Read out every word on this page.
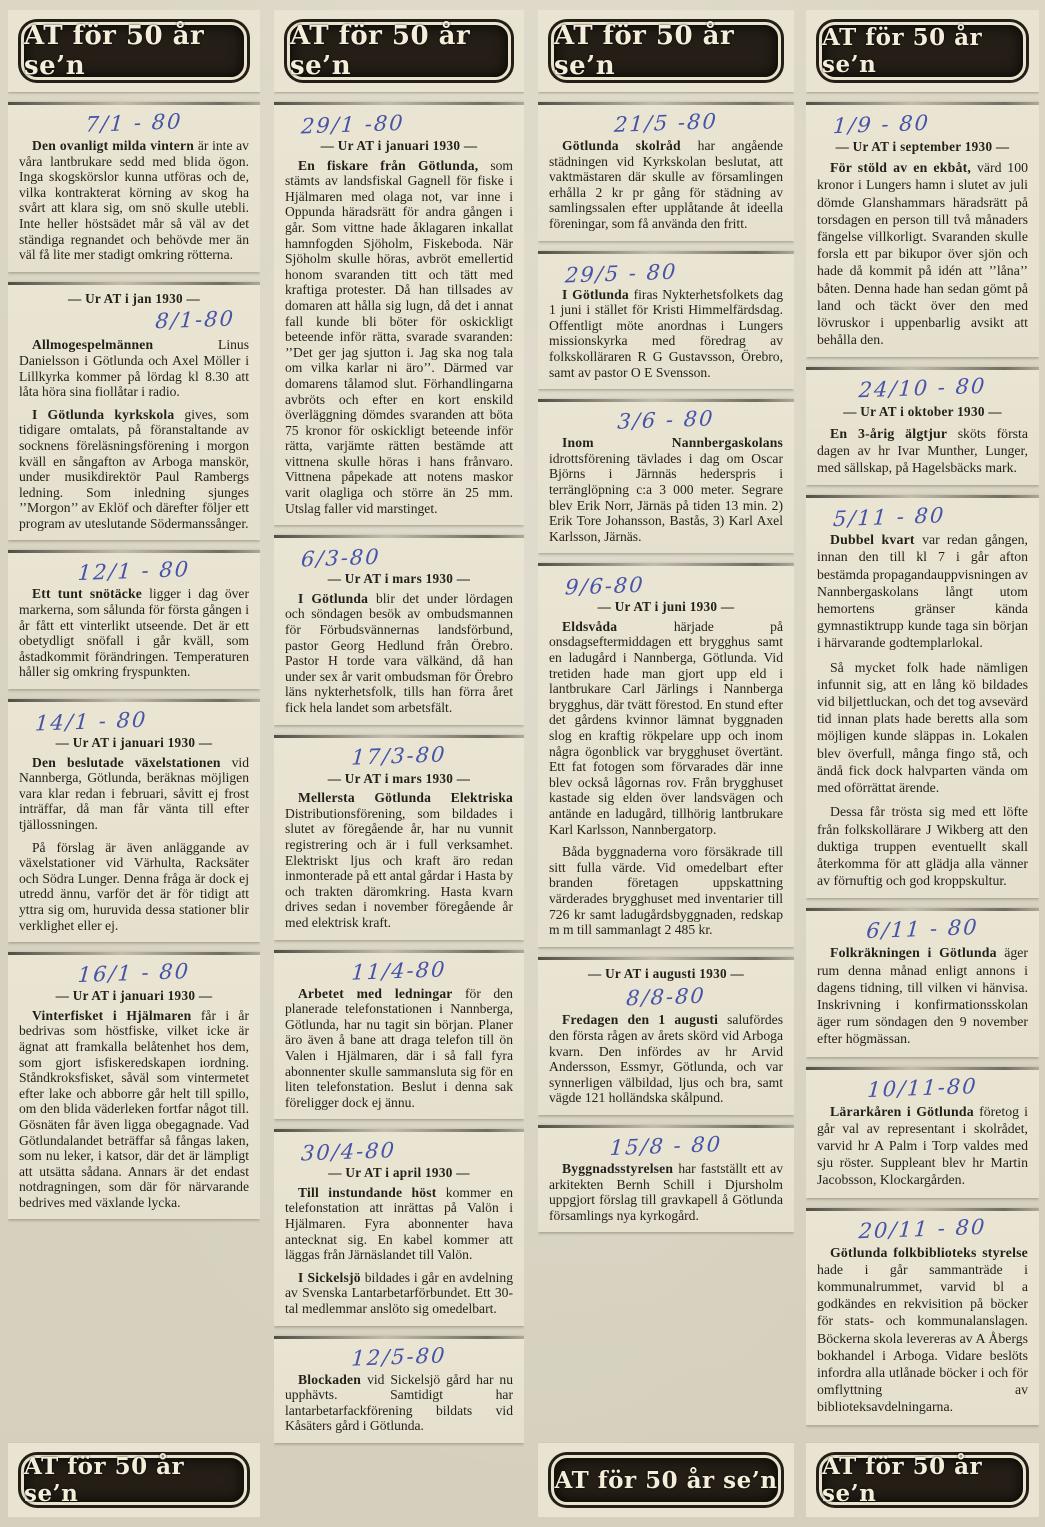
AT för 50 år se’n
7/1 - 80

Den ovanligt milda vintern är inte av våra lantbrukare sedd med blida ögon. Inga skogskörslor kunna utföras och de, vilka kontrakterat körning av skog ha svårt att klara sig, om snö skulle utebli. Inte heller höstsädet mår så väl av det ständiga regnandet och behövde mer än väl få lite mer stadigt omkring rötterna.

— Ur AT i jan 1930 —
8/1-80

Allmogespelmännen Linus Danielsson i Götlunda och Axel Möller i Lillkyrka kommer på lördag kl 8.30 att låta höra sina fiollåtar i radio.

I Götlunda kyrkskola gives, som tidigare omtalats, på föranstaltande av socknens föreläsningsförening i morgon kväll en sångafton av Arboga manskör, under musikdirektör Paul Rambergs ledning. Som inledning sjunges ’’Morgon’’ av Eklöf och därefter följer ett program av uteslutande Södermanssånger.

12/1 - 80

Ett tunt snötäcke ligger i dag över markerna, som sålunda för första gången i år fått ett vinterlikt utseende. Det är ett obetydligt snöfall i går kväll, som åstadkommit förändringen. Temperaturen håller sig omkring fryspunkten.

14/1 - 80
— Ur AT i januari 1930 —

Den beslutade växelstationen vid Nannberga, Götlunda, beräknas möjligen vara klar redan i februari, såvitt ej frost inträffar, då man får vänta till efter tjällossningen.

På förslag är även anläggande av växelstationer vid Värhulta, Racksäter och Södra Lunger. Denna fråga är dock ej utredd ännu, varför det är för tidigt att yttra sig om, huruvida dessa stationer blir verklighet eller ej.

16/1 - 80
— Ur AT i januari 1930 —

Vinterfisket i Hjälmaren får i år bedrivas som höstfiske, vilket icke är ägnat att framkalla belåtenhet hos dem, som gjort isfiskeredskapen iordning. Ståndkroksfisket, såväl som vintermetet efter lake och abborre går helt till spillo, om den blida väderleken fortfar något till. Gösnäten får även ligga obegagnade. Vad Götlundalandet beträffar så fångas laken, som nu leker, i katsor, där det är lämpligt att utsätta sådana. Annars är det endast notdragningen, som där för närvarande bedrives med växlande lycka.

AT för 50 år se’n
AT för 50 år se’n
29/1 -80
— Ur AT i januari 1930 —

En fiskare från Götlunda, som stämts av landsfiskal Gagnell för fiske i Hjälmaren med olaga not, var inne i Oppunda häradsrätt för andra gången i går. Som vittne hade åklagaren inkallat hamnfogden Sjöholm, Fiskeboda. När Sjöholm skulle höras, avbröt emellertid honom svaranden titt och tätt med kraftiga protester. Då han tillsades av domaren att hålla sig lugn, då det i annat fall kunde bli böter för oskickligt beteende inför rätta, svarade svaranden: ’’Det ger jag sjutton i. Jag ska nog tala om vilka karlar ni äro’’. Därmed var domarens tålamod slut. Förhandlingarna avbröts och efter en kort enskild överläggning dömdes svaranden att böta 75 kronor för oskickligt beteende inför rätta, varjämte rätten bestämde att vittnena skulle höras i hans frånvaro. Vittnena påpekade att notens maskor varit olagliga och större än 25 mm. Utslag faller vid marstinget.

6/3-80
— Ur AT i mars 1930 —

I Götlunda blir det under lördagen och söndagen besök av ombudsmannen för Förbudsvännernas landsförbund, pastor Georg Hedlund från Örebro. Pastor H torde vara välkänd, då han under sex år varit ombudsman för Örebro läns nykterhetsfolk, tills han förra året fick hela landet som arbetsfält.

17/3-80
— Ur AT i mars 1930 —

Mellersta Götlunda Elektriska Distributionsförening, som bildades i slutet av föregående år, har nu vunnit registrering och är i full verksamhet. Elektriskt ljus och kraft äro redan inmonterade på ett antal gårdar i Hasta by och trakten däromkring. Hasta kvarn drives sedan i november föregående år med elektrisk kraft.

11/4-80

Arbetet med ledningar för den planerade telefonstationen i Nannberga, Götlunda, har nu tagit sin början. Planer äro även å bane att draga telefon till ön Valen i Hjälmaren, där i så fall fyra abonnenter skulle sammansluta sig för en liten telefonstation. Beslut i denna sak föreligger dock ej ännu.

30/4-80
— Ur AT i april 1930 —

Till instundande höst kommer en telefonstation att inrättas på Valön i Hjälmaren. Fyra abonnenter hava antecknat sig. En kabel kommer att läggas från Järnäslandet till Valön.

I Sickelsjö bildades i går en avdelning av Svenska Lantarbetarförbundet. Ett 30-tal medlemmar anslöto sig omedelbart.

12/5-80

Blockaden vid Sickelsjö gård har nu upphävts. Samtidigt har lantarbetarfackförening bildats vid Kåsäters gård i Götlunda.

AT för 50 år se’n
21/5 -80

Götlunda skolråd har angående städningen vid Kyrkskolan beslutat, att vaktmästaren där skulle av församlingen erhålla 2 kr pr gång för städning av samlingssalen efter upplåtande åt ideella föreningar, som få använda den fritt.

29/5 - 80

I Götlunda firas Nykterhetsfolkets dag 1 juni i stället för Kristi Himmelfärdsdag. Offentligt möte anordnas i Lungers missionskyrka med föredrag av folkskolläraren R G Gustavsson, Örebro, samt av pastor O E Svensson.

3/6 - 80

Inom Nannbergaskolans idrottsförening tävlades i dag om Oscar Björns i Järnnäs hederspris i terränglöpning c:a 3 000 meter. Segrare blev Erik Norr, Järnäs på tiden 13 min. 2) Erik Tore Johansson, Bastås, 3) Karl Axel Karlsson, Järnäs.

9/6-80
— Ur AT i juni 1930 —

Eldsvåda härjade på onsdagseftermiddagen ett brygghus samt en ladugård i Nannberga, Götlunda. Vid tretiden hade man gjort upp eld i lantbrukare Carl Järlings i Nannberga brygghus, där tvätt förestod. En stund efter det gårdens kvinnor lämnat byggnaden slog en kraftig rökpelare upp och inom några ögonblick var brygghuset övertänt. Ett fat fotogen som förvarades där inne blev också lågornas rov. Från brygghuset kastade sig elden över landsvägen och antände en ladugård, tillhörig lantbrukare Karl Karlsson, Nannbergatorp.

Båda byggnaderna voro försäkrade till sitt fulla värde. Vid omedelbart efter branden företagen uppskattning värderades brygghuset med inventarier till 726 kr samt ladugårdsbyggnaden, redskap m m till sammanlagt 2 485 kr.

— Ur AT i augusti 1930 —
8/8-80

Fredagen den 1 augusti salufördes den första rågen av årets skörd vid Arboga kvarn. Den infördes av hr Arvid Andersson, Essmyr, Götlunda, och var synnerligen välbildad, ljus och bra, samt vägde 121 holländska skålpund.

15/8 - 80

Byggnadsstyrelsen har fastställt ett av arkitekten Bernh Schill i Djursholm uppgjort förslag till gravkapell å Götlunda församlings nya kyrkogård.

AT för 50 år se’n
AT för 50 år se’n
1/9 - 80
— Ur AT i september 1930 —

För stöld av en ekbåt, värd 100 kronor i Lungers hamn i slutet av juli dömde Glanshammars häradsrätt på torsdagen en person till två månaders fängelse villkorligt. Svaranden skulle forsla ett par bikupor över sjön och hade då kommit på idén att ’’låna’’ båten. Denna hade han sedan gömt på land och täckt över den med lövruskor i uppenbarlig avsikt att behålla den.

24/10 - 80
— Ur AT i oktober 1930 —

En 3-årig älgtjur sköts första dagen av hr Ivar Munther, Lunger, med sällskap, på Hagelsbäcks mark.

5/11 - 80

Dubbel kvart var redan gången, innan den till kl 7 i går afton bestämda propagandauppvisningen av Nannbergaskolans långt utom hemortens gränser kända gymnastiktrupp kunde taga sin början i härvarande godtemplarlokal.

Så mycket folk hade nämligen infunnit sig, att en lång kö bildades vid biljettluckan, och det tog avsevärd tid innan plats hade beretts alla som möjligen kunde släppas in. Lokalen blev överfull, många fingo stå, och ändå fick dock halvparten vända om med oförrättat ärende.

Dessa får trösta sig med ett löfte från folkskollärare J Wikberg att den duktiga truppen eventuellt skall återkomma för att glädja alla vänner av förnuftig och god kroppskultur.

6/11 - 80

Folkräkningen i Götlunda äger rum denna månad enligt annons i dagens tidning, till vilken vi hänvisa. Inskrivning i konfirmationsskolan äger rum söndagen den 9 november efter högmässan.

10/11-80

Lärarkåren i Götlunda företog i går val av representant i skolrådet, varvid hr A Palm i Torp valdes med sju röster. Suppleant blev hr Martin Jacobsson, Klockargården.

20/11 - 80

Götlunda folkbiblioteks styrelse hade i går sammanträde i kommunalrummet, varvid bl a godkändes en rekvisition på böcker för stats- och kommunalanslagen. Böckerna skola levereras av A Åbergs bokhandel i Arboga. Vidare beslöts infordra alla utlånade böcker i och för omflyttning av biblioteksavdelningarna.

AT för 50 år se’n
